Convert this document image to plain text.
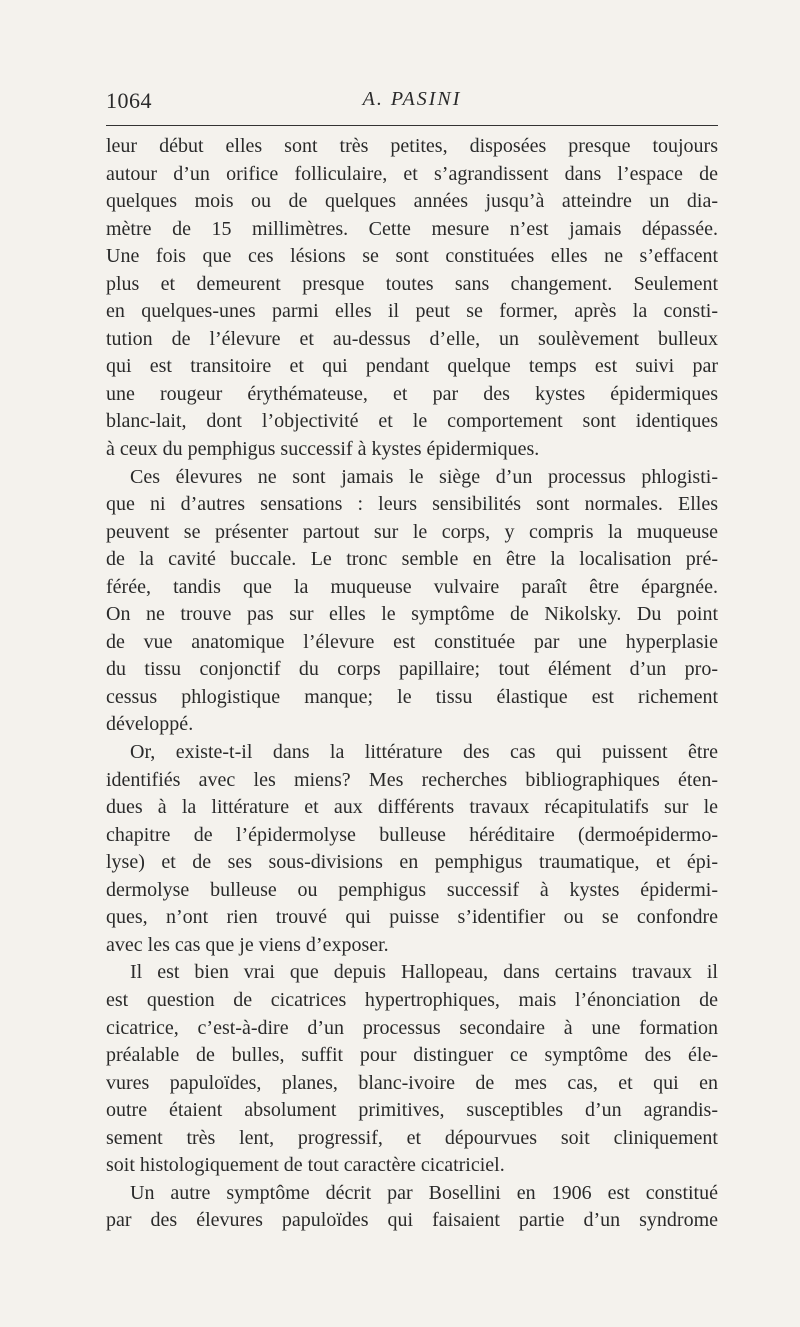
1064	A. PASINI

leur début elles sont très petites, disposées presque toujours
autour d’un orifice folliculaire, et s’agrandissent dans l’espace de
quelques mois ou de quelques années jusqu’à atteindre un dia-
mètre de 15 millimètres. Cette mesure n’est jamais dépassée.
Une fois que ces lésions se sont constituées elles ne s’effacent
plus et demeurent presque toutes sans changement. Seulement
en quelques-unes parmi elles il peut se former, après la consti-
tution de l’élevure et au-dessus d’elle, un soulèvement bulleux
qui est transitoire et qui pendant quelque temps est suivi par
une rougeur érythémateuse, et par des kystes épidermiques
blanc-lait, dont l’objectivité et le comportement sont identiques
à ceux du pemphigus successif à kystes épidermiques.

Ces élevures ne sont jamais le siège d’un processus phlogisti-
que ni d’autres sensations : leurs sensibilités sont normales. Elles
peuvent se présenter partout sur le corps, y compris la muqueuse
de la cavité buccale. Le tronc semble en être la localisation pré-
férée, tandis que la muqueuse vulvaire paraît être épargnée.
On ne trouve pas sur elles le symptôme de Nikolsky. Du point
de vue anatomique l’élevure est constituée par une hyperplasie
du tissu conjonctif du corps papillaire; tout élément d’un pro-
cessus phlogistique manque; le tissu élastique est richement
développé.

Or, existe-t-il dans la littérature des cas qui puissent être
identifiés avec les miens? Mes recherches bibliographiques éten-
dues à la littérature et aux différents travaux récapitulatifs sur le
chapitre de l’épidermolyse bulleuse héréditaire (dermoépidermo-
lyse) et de ses sous-divisions en pemphigus traumatique, et épi-
dermolyse bulleuse ou pemphigus successif à kystes épidermi-
ques, n’ont rien trouvé qui puisse s’identifier ou se confondre
avec les cas que je viens d’exposer.

Il est bien vrai que depuis Hallopeau, dans certains travaux il
est question de cicatrices hypertrophiques, mais l’énonciation de
cicatrice, c’est-à-dire d’un processus secondaire à une formation
préalable de bulles, suffit pour distinguer ce symptôme des éle-
vures papuloïdes, planes, blanc-ivoire de mes cas, et qui en
outre étaient absolument primitives, susceptibles d’un agrandis-
sement très lent, progressif, et dépourvues soit cliniquement
soit histologiquement de tout caractère cicatriciel.

Un autre symptôme décrit par Bosellini en 1906 est constitué
par des élevures papuloïdes qui faisaient partie d’un syndrome
